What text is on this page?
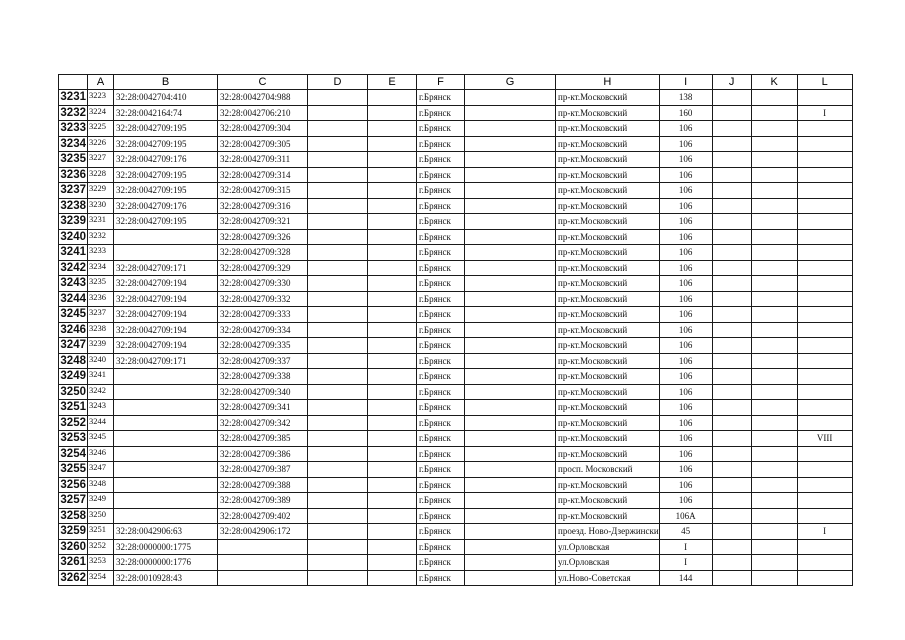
	A	B	C	D	E	F	G	H	I	J	K	L
3231	3223	32:28:0042704:410	32:28:0042704:988			г.Брянск		пр-кт.Московский	138			
3232	3224	32:28:0042164:74	32:28:0042706:210			г.Брянск		пр-кт.Московский	160			I
3233	3225	32:28:0042709:195	32:28:0042709:304			г.Брянск		пр-кт.Московский	106			
3234	3226	32:28:0042709:195	32:28:0042709:305			г.Брянск		пр-кт.Московский	106			
3235	3227	32:28:0042709:176	32:28:0042709:311			г.Брянск		пр-кт.Московский	106			
3236	3228	32:28:0042709:195	32:28:0042709:314			г.Брянск		пр-кт.Московский	106			
3237	3229	32:28:0042709:195	32:28:0042709:315			г.Брянск		пр-кт.Московский	106			
3238	3230	32:28:0042709:176	32:28:0042709:316			г.Брянск		пр-кт.Московский	106			
3239	3231	32:28:0042709:195	32:28:0042709:321			г.Брянск		пр-кт.Московский	106			
3240	3232		32:28:0042709:326			г.Брянск		пр-кт.Московский	106			
3241	3233		32:28:0042709:328			г.Брянск		пр-кт.Московский	106			
3242	3234	32:28:0042709:171	32:28:0042709:329			г.Брянск		пр-кт.Московский	106			
3243	3235	32:28:0042709:194	32:28:0042709:330			г.Брянск		пр-кт.Московский	106			
3244	3236	32:28:0042709:194	32:28:0042709:332			г.Брянск		пр-кт.Московский	106			
3245	3237	32:28:0042709:194	32:28:0042709:333			г.Брянск		пр-кт.Московский	106			
3246	3238	32:28:0042709:194	32:28:0042709:334			г.Брянск		пр-кт.Московский	106			
3247	3239	32:28:0042709:194	32:28:0042709:335			г.Брянск		пр-кт.Московский	106			
3248	3240	32:28:0042709:171	32:28:0042709:337			г.Брянск		пр-кт.Московский	106			
3249	3241		32:28:0042709:338			г.Брянск		пр-кт.Московский	106			
3250	3242		32:28:0042709:340			г.Брянск		пр-кт.Московский	106			
3251	3243		32:28:0042709:341			г.Брянск		пр-кт.Московский	106			
3252	3244		32:28:0042709:342			г.Брянск		пр-кт.Московский	106			
3253	3245		32:28:0042709:385			г.Брянск		пр-кт.Московский	106			VIII
3254	3246		32:28:0042709:386			г.Брянск		пр-кт.Московский	106			
3255	3247		32:28:0042709:387			г.Брянск		просп. Московский	106			
3256	3248		32:28:0042709:388			г.Брянск		пр-кт.Московский	106			
3257	3249		32:28:0042709:389			г.Брянск		пр-кт.Московский	106			
3258	3250		32:28:0042709:402			г.Брянск		пр-кт.Московский	106А			
3259	3251	32:28:0042906:63	32:28:0042906:172			г.Брянск		проезд. Ново-Дзержински	45			I
3260	3252	32:28:0000000:1775				г.Брянск		ул.Орловская	I			
3261	3253	32:28:0000000:1776				г.Брянск		ул.Орловская	I			
3262	3254	32:28:0010928:43				г.Брянск		ул.Ново-Советская	144			
